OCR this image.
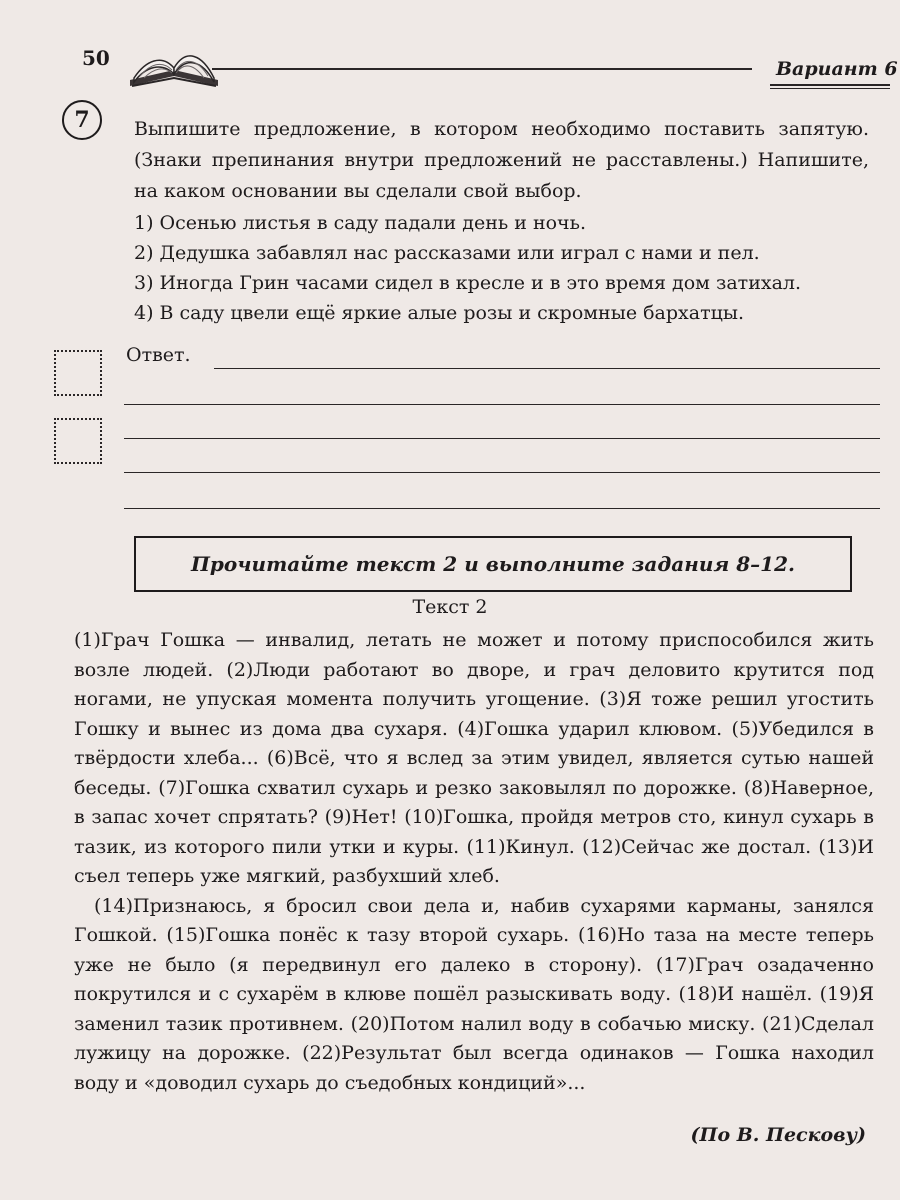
50	Вариант 6
7	Выпишите предложение, в котором необходимо поставить запятую. (Знаки препинания внутри предложений не расставлены.) Напишите, на каком основании вы сделали свой выбор.
1) Осенью листья в саду падали день и ночь.
2) Дедушка забавлял нас рассказами или играл с нами и пел.
3) Иногда Грин часами сидел в кресле и в это время дом затихал.
4) В саду цвели ещё яркие алые розы и скромные бархатцы.
Ответ.
Прочитайте текст 2 и выполните задания 8–12.
Текст 2

(1)Грач Гошка — инвалид, летать не может и потому приспособился жить возле людей. (2)Люди работают во дворе, и грач деловито крутится под ногами, не упуская момента получить угощение. (3)Я тоже решил угостить Гошку и вынес из дома два сухаря. (4)Гошка ударил клювом. (5)Убедился в твёрдости хлеба... (6)Всё, что я вслед за этим увидел, является сутью нашей беседы. (7)Гошка схватил сухарь и резко заковылял по дорожке. (8)Наверное, в запас хочет спрятать? (9)Нет! (10)Гошка, пройдя метров сто, кинул сухарь в тазик, из которого пили утки и куры. (11)Кинул. (12)Сейчас же достал. (13)И съел теперь уже мягкий, разбухший хлеб.

(14)Признаюсь, я бросил свои дела и, набив сухарями карманы, занялся Гошкой. (15)Гошка понёс к тазу второй сухарь. (16)Но таза на месте теперь уже не было (я передвинул его далеко в сторону). (17)Грач озадаченно покрутился и с сухарём в клюве пошёл разыскивать воду. (18)И нашёл. (19)Я заменил тазик противнем. (20)Потом налил воду в собачью миску. (21)Сделал лужицу на дорожке. (22)Результат был всегда одинаков — Гошка находил воду и «доводил сухарь до съедобных кондиций»...

(По В. Пескову)
